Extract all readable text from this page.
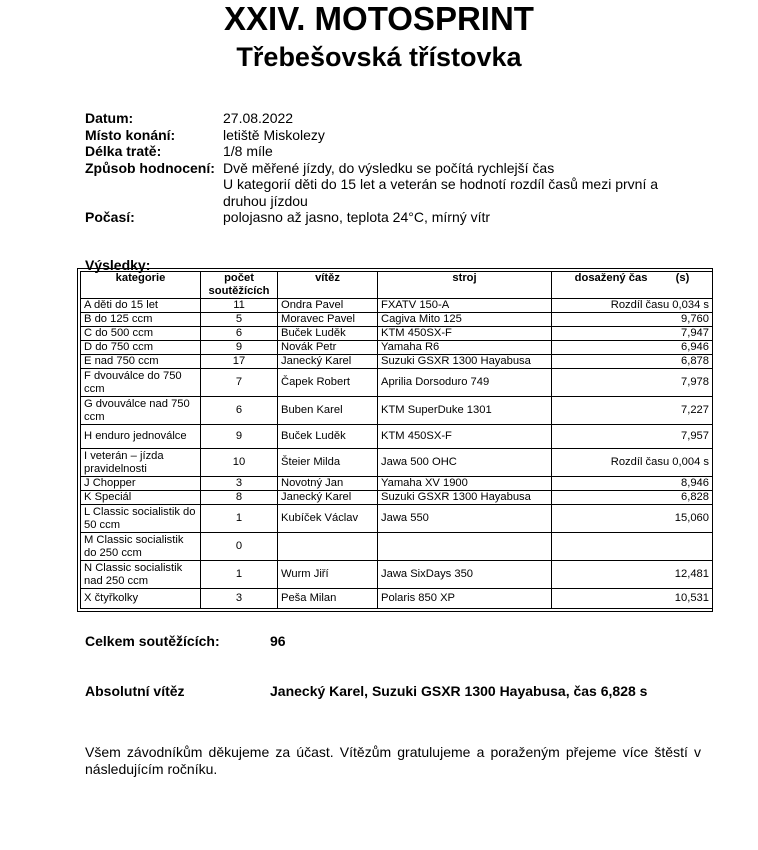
XXIV. MOTOSPRINT
Třebešovská třístovka
Datum:	27.08.2022
Místo konání:	letiště Miskolezy
Délka tratě:	1/8 míle
Způsob hodnocení: Dvě měřené jízdy, do výsledku se počítá rychlejší čas
U kategorií děti do 15 let a veterán se hodnotí rozdíl časů mezi první a druhou jízdou
Počasí:	polojasno až jasno, teplota 24°C, mírný vítr
Výsledky:
kategorie	počet soutěžících	vítěz	stroj	dosažený čas (s)
A děti do 15 let	11	Ondra Pavel	FXATV 150-A	Rozdíl času 0,034 s
B do 125 ccm	5	Moravec Pavel	Cagiva Mito 125	9,760
C do 500 ccm	6	Buček Luděk	KTM 450SX-F	7,947
D do 750 ccm	9	Novák Petr	Yamaha R6	6,946
E nad 750 ccm	17	Janecký Karel	Suzuki GSXR 1300 Hayabusa	6,878
F dvouválce do 750 ccm	7	Čapek Robert	Aprilia Dorsoduro 749	7,978
G dvouválce nad 750 ccm	6	Buben Karel	KTM SuperDuke 1301	7,227
H enduro jednoválce	9	Buček Luděk	KTM 450SX-F	7,957
I veterán – jízda pravidelnosti	10	Šteier Milda	Jawa 500 OHC	Rozdíl času 0,004 s
J Chopper	3	Novotný Jan	Yamaha XV 1900	8,946
K Speciál	8	Janecký Karel	Suzuki GSXR 1300 Hayabusa	6,828
L Classic socialistik do 50 ccm	1	Kubíček Václav	Jawa 550	15,060
M Classic socialistik do 250 ccm	0			
N Classic socialistik nad 250 ccm	1	Wurm Jiří	Jawa SixDays 350	12,481
X čtyřkolky	3	Peša Milan	Polaris 850 XP	10,531
Celkem soutěžících:	96
Absolutní vítěz	Janecký Karel, Suzuki GSXR 1300 Hayabusa, čas 6,828 s
Všem závodníkům děkujeme za účast. Vítězům gratulujeme a poraženým přejeme více štěstí v následujícím ročníku.
